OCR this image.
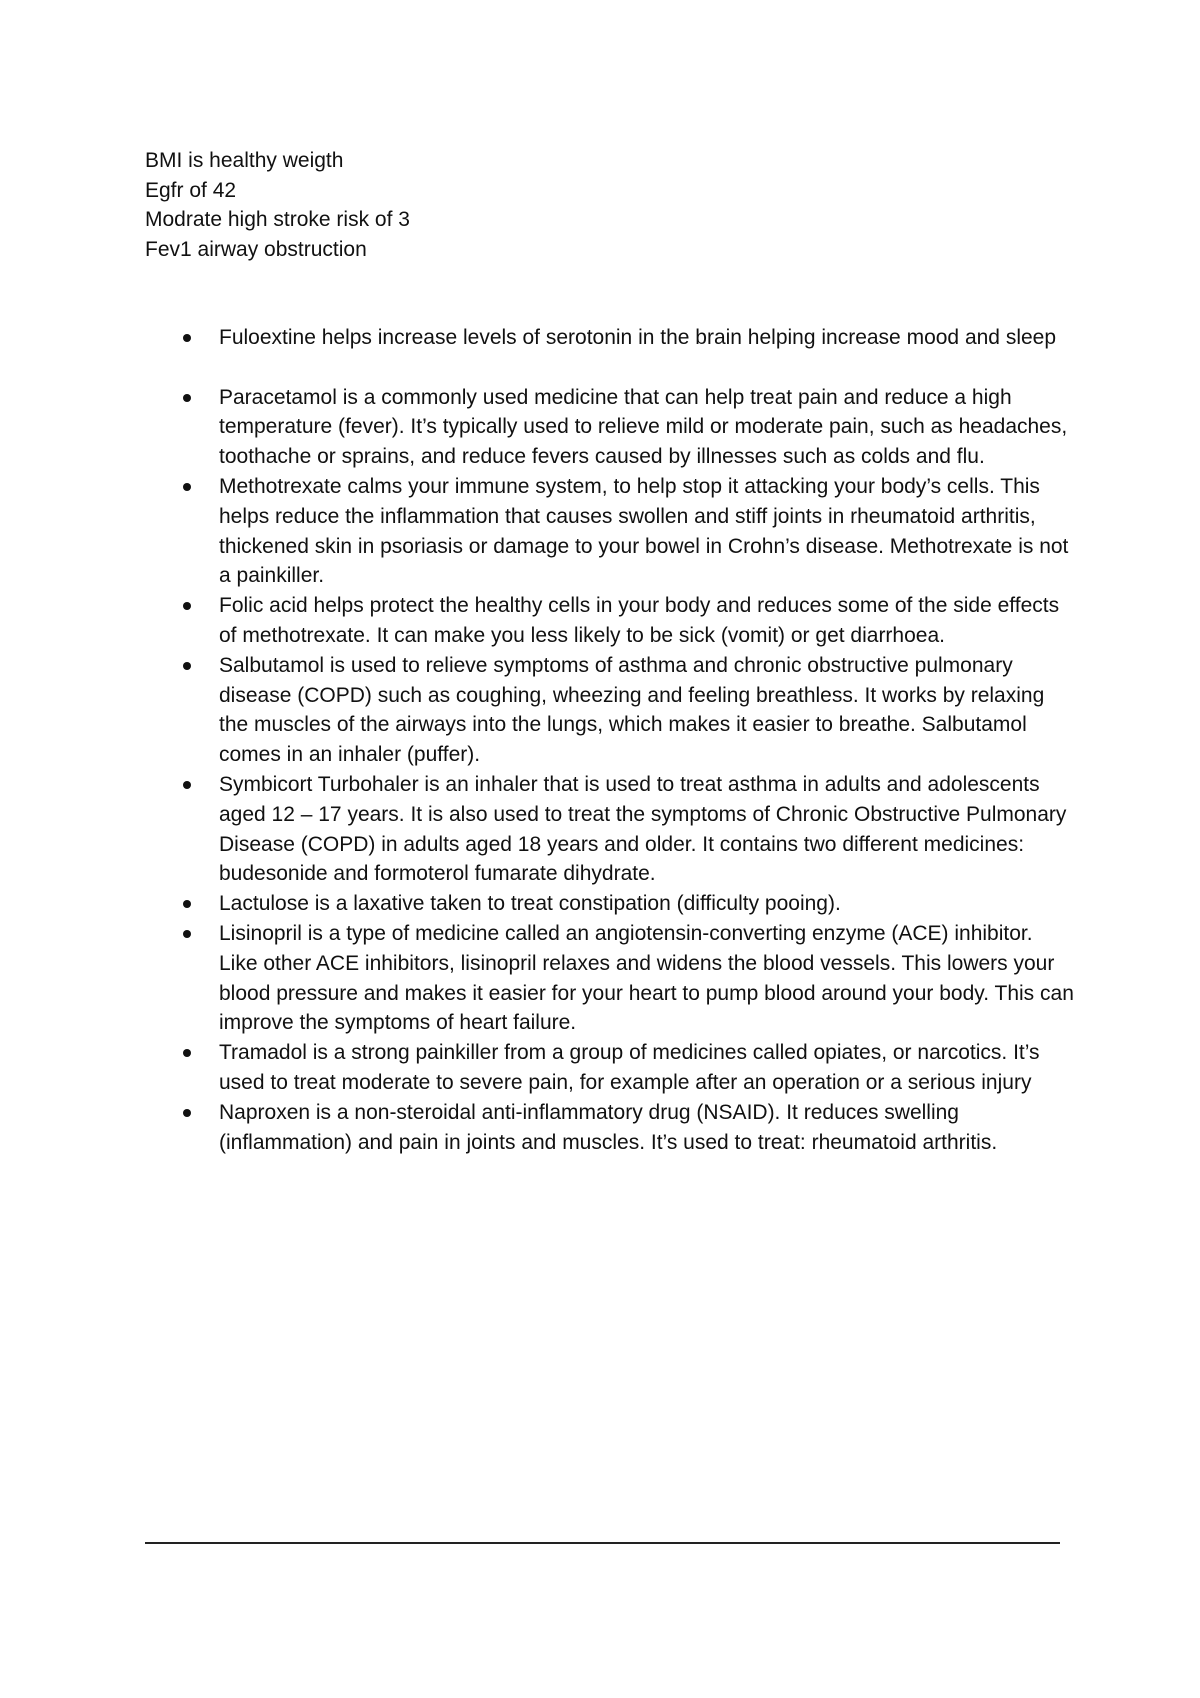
BMI is healthy weigth
Egfr of 42
Modrate high stroke risk of 3
Fev1 airway obstruction
Fuloextine helps increase levels of serotonin in the brain helping increase mood and sleep
Paracetamol is a commonly used medicine that can help treat pain and reduce a high temperature (fever). It’s typically used to relieve mild or moderate pain, such as headaches, toothache or sprains, and reduce fevers caused by illnesses such as colds and flu.
Methotrexate calms your immune system, to help stop it attacking your body’s cells. This helps reduce the inflammation that causes swollen and stiff joints in rheumatoid arthritis, thickened skin in psoriasis or damage to your bowel in Crohn’s disease. Methotrexate is not a painkiller.
Folic acid helps protect the healthy cells in your body and reduces some of the side effects of methotrexate. It can make you less likely to be sick (vomit) or get diarrhoea.
Salbutamol is used to relieve symptoms of asthma and chronic obstructive pulmonary disease (COPD) such as coughing, wheezing and feeling breathless. It works by relaxing the muscles of the airways into the lungs, which makes it easier to breathe. Salbutamol comes in an inhaler (puffer).
Symbicort Turbohaler is an inhaler that is used to treat asthma in adults and adolescents aged 12 – 17 years. It is also used to treat the symptoms of Chronic Obstructive Pulmonary Disease (COPD) in adults aged 18 years and older. It contains two different medicines: budesonide and formoterol fumarate dihydrate.
Lactulose is a laxative taken to treat constipation (difficulty pooing).
Lisinopril is a type of medicine called an angiotensin-converting enzyme (ACE) inhibitor. Like other ACE inhibitors, lisinopril relaxes and widens the blood vessels. This lowers your blood pressure and makes it easier for your heart to pump blood around your body. This can improve the symptoms of heart failure.
Tramadol is a strong painkiller from a group of medicines called opiates, or narcotics. It’s used to treat moderate to severe pain, for example after an operation or a serious injury
Naproxen is a non-steroidal anti-inflammatory drug (NSAID). It reduces swelling (inflammation) and pain in joints and muscles. It’s used to treat: rheumatoid arthritis.
